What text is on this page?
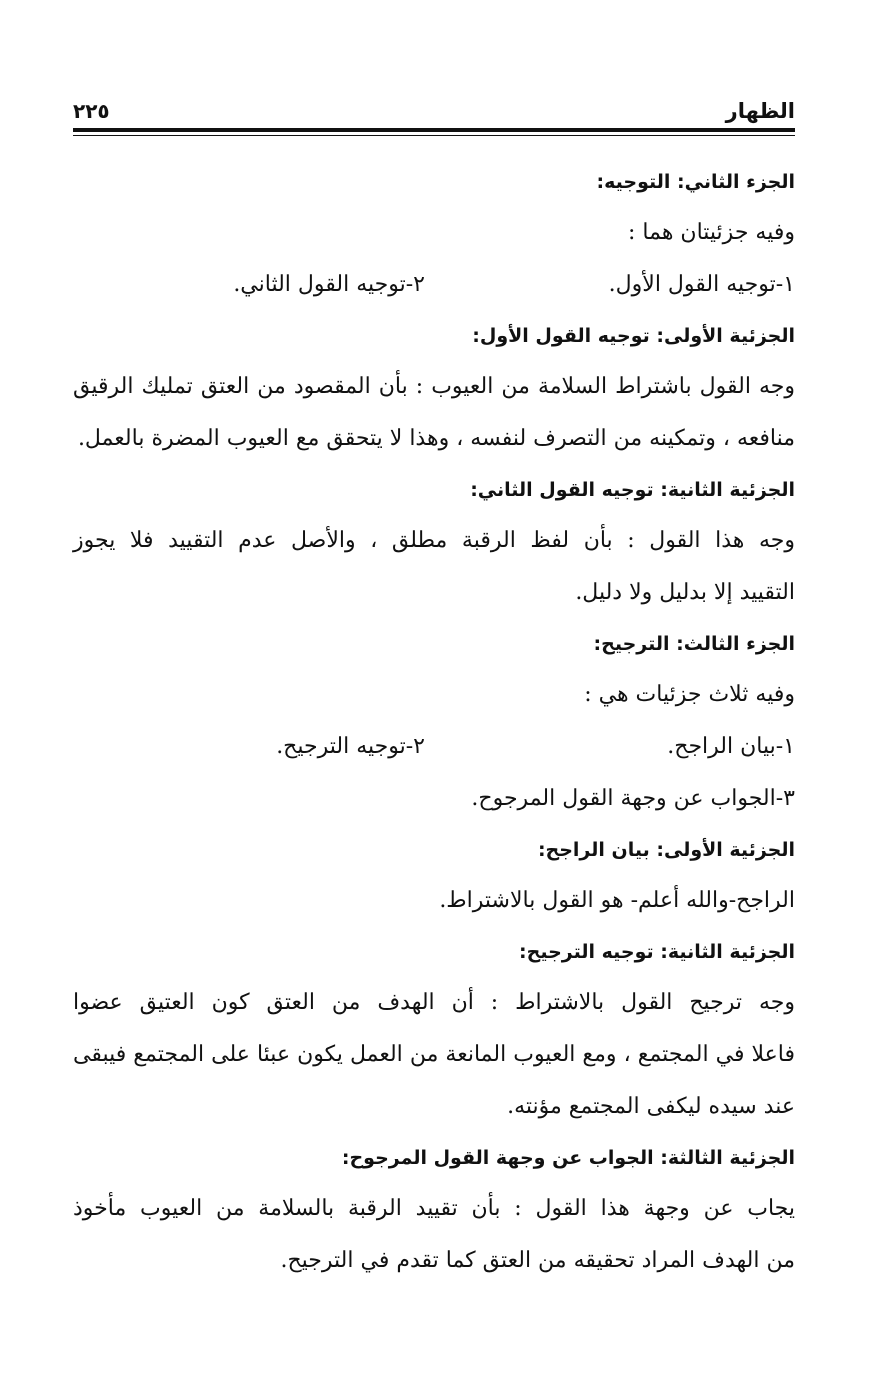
الظهار
٢٢٥
الجزء الثاني: التوجيه:
وفيه جزئيتان هما :
١-توجيه القول الأول.
٢-توجيه القول الثاني.
الجزئية الأولى: توجيه القول الأول:
وجه القول باشتراط السلامة من العيوب : بأن المقصود من العتق تمليك الرقيق
منافعه ، وتمكينه من التصرف لنفسه ، وهذا لا يتحقق مع العيوب المضرة بالعمل.
الجزئية الثانية: توجيه القول الثاني:
وجه هذا القول : بأن لفظ الرقبة مطلق ، والأصل عدم التقييد فلا يجوز
التقييد إلا بدليل ولا دليل.
الجزء الثالث: الترجيح:
وفيه ثلاث جزئيات هي :
١-بيان الراجح.
٢-توجيه الترجيح.
٣-الجواب عن وجهة القول المرجوح.
الجزئية الأولى: بيان الراجح:
الراجح-والله أعلم- هو القول بالاشتراط.
الجزئية الثانية: توجيه الترجيح:
وجه ترجيح القول بالاشتراط : أن الهدف من العتق كون العتيق عضوا
فاعلا في المجتمع ، ومع العيوب المانعة من العمل يكون عبئا على المجتمع فيبقى
عند سيده ليكفى المجتمع مؤنته.
الجزئية الثالثة: الجواب عن وجهة القول المرجوح:
يجاب عن وجهة هذا القول : بأن تقييد الرقبة بالسلامة من العيوب مأخوذ
من الهدف المراد تحقيقه من العتق كما تقدم في الترجيح.
